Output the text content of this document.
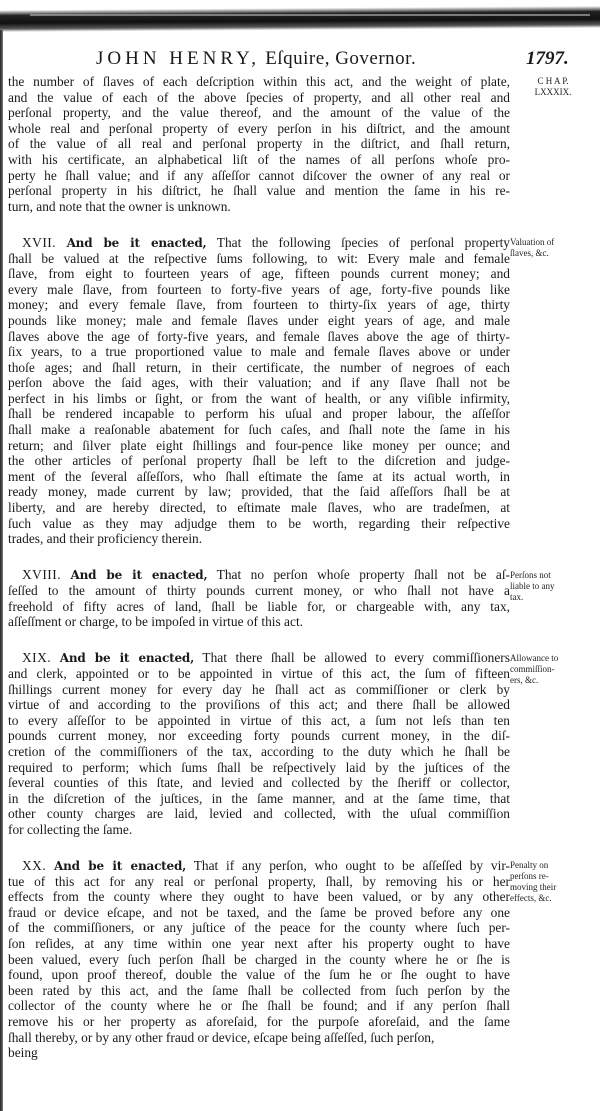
JOHN HENRY, Eſquire, Governor.	1797.
the number of ſlaves of each deſcription within this act, and the weight of plate,
and the value of each of the above ſpecies of property, and all other real and
perſonal property, and the value thereof, and the amount of the value of the
whole real and perſonal property of every perſon in his diſtrict, and the amount
of the value of all real and perſonal property in the diſtrict, and ſhall return,
with his certificate, an alphabetical liſt of the names of all perſons whoſe pro-
perty he ſhall value; and if any aſſeſſor cannot diſcover the owner of any real or
perſonal property in his diſtrict, he ſhall value and mention the ſame in his re-
turn, and note that the owner is unknown.
XVII. And be it enacted, That the following ſpecies of perſonal property
ſhall be valued at the reſpective ſums following, to wit: Every male and female
ſlave, from eight to fourteen years of age, fifteen pounds current money; and
every male ſlave, from fourteen to forty-five years of age, forty-five pounds like
money; and every female ſlave, from fourteen to thirty-ſix years of age, thirty
pounds like money; male and female ſlaves under eight years of age, and male
ſlaves above the age of forty-five years, and female ſlaves above the age of thirty-
ſix years, to a true proportioned value to male and female ſlaves above or under
thoſe ages; and ſhall return, in their certificate, the number of negroes of each
perſon above the ſaid ages, with their valuation; and if any ſlave ſhall not be
perfect in his limbs or ſight, or from the want of health, or any viſible infirmity,
ſhall be rendered incapable to perform his uſual and proper labour, the aſſeſſor
ſhall make a reaſonable abatement for ſuch caſes, and ſhall note the ſame in his
return; and ſilver plate eight ſhillings and four-pence like money per ounce; and
the other articles of perſonal property ſhall be left to the diſcretion and judge-
ment of the ſeveral aſſeſſors, who ſhall eſtimate the ſame at its actual worth, in
ready money, made current by law; provided, that the ſaid aſſeſſors ſhall be at
liberty, and are hereby directed, to eſtimate male ſlaves, who are tradeſmen, at
ſuch value as they may adjudge them to be worth, regarding their reſpective
trades, and their proficiency therein.
XVIII. And be it enacted, That no perſon whoſe property ſhall not be aſ-
ſeſſed to the amount of thirty pounds current money, or who ſhall not have a
freehold of fifty acres of land, ſhall be liable for, or chargeable with, any tax,
aſſeſſment or charge, to be impoſed in virtue of this act.
XIX. And be it enacted, That there ſhall be allowed to every commiſſioners
and clerk, appointed or to be appointed in virtue of this act, the ſum of fifteen
ſhillings current money for every day he ſhall act as commiſſioner or clerk by
virtue of and according to the proviſions of this act; and there ſhall be allowed
to every aſſeſſor to be appointed in virtue of this act, a ſum not leſs than ten
pounds current money, nor exceeding forty pounds current money, in the diſ-
cretion of the commiſſioners of the tax, according to the duty which he ſhall be
required to perform; which ſums ſhall be reſpectively laid by the juſtices of the
ſeveral counties of this ſtate, and levied and collected by the ſheriff or collector,
in the diſcretion of the juſtices, in the ſame manner, and at the ſame time, that
other county charges are laid, levied and collected, with the uſual commiſſion
for collecting the ſame.
XX. And be it enacted, That if any perſon, who ought to be aſſeſſed by vir-
tue of this act for any real or perſonal property, ſhall, by removing his or her
effects from the county where they ought to have been valued, or by any other
fraud or device eſcape, and not be taxed, and the ſame be proved before any one
of the commiſſioners, or any juſtice of the peace for the county where ſuch per-
ſon reſides, at any time within one year next after his property ought to have
been valued, every ſuch perſon ſhall be charged in the county where he or ſhe is
found, upon proof thereof, double the value of the ſum he or ſhe ought to have
been rated by this act, and the ſame ſhall be collected from ſuch perſon by the
collector of the county where he or ſhe ſhall be found; and if any perſon ſhall
remove his or her property as aforeſaid, for the purpoſe aforeſaid, and the ſame
ſhall thereby, or by any other fraud or device, eſcape being aſſeſſed, ſuch perſon,
being
C H A P.
LXXXIX.
Valuation of
ſlaves, &c.
Perſons not
liable to any
tax.
Allowance to
commiſſion-
ers, &c.
Penalty on
perſons re-
moving their
effects, &c.
